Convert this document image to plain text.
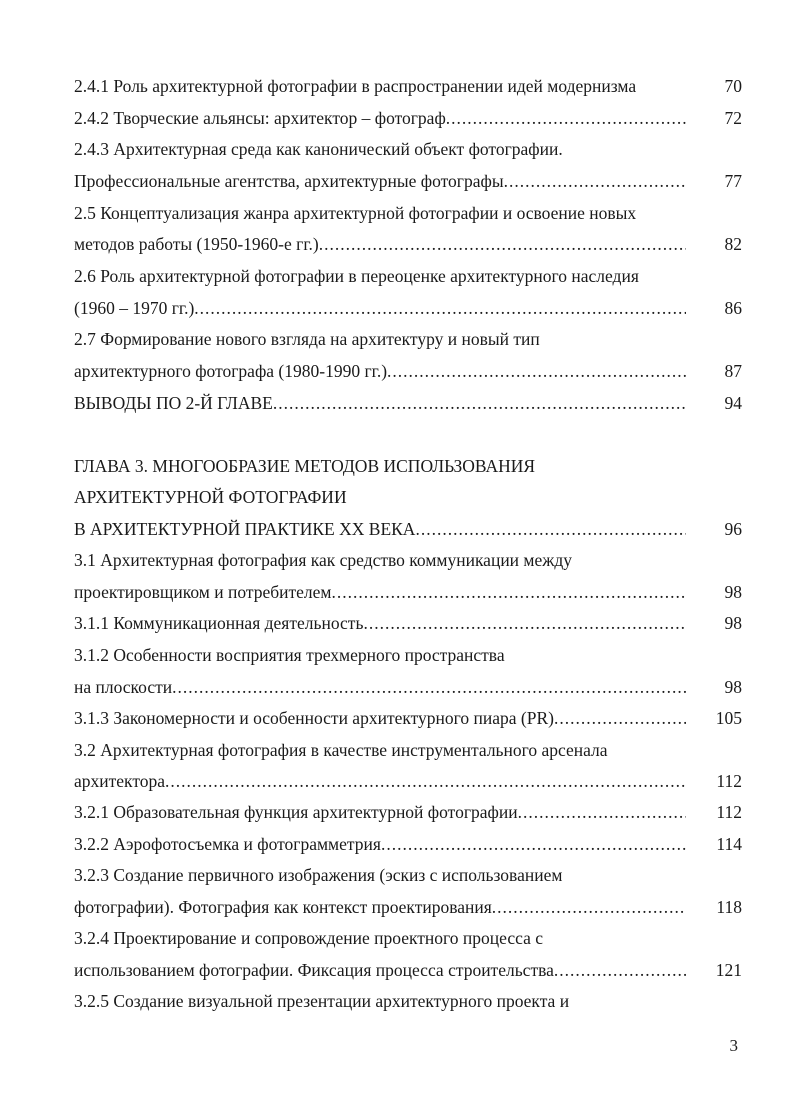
2.4.1 Роль архитектурной фотографии в распространении идей модернизма	70
2.4.2 Творческие альянсы: архитектор – фотограф .....	72
2.4.3 Архитектурная среда как канонический объект фотографии.
Профессиональные агентства, архитектурные фотографы .....	77
2.5 Концептуализация жанра архитектурной фотографии и освоение новых
методов работы (1950-1960-е гг.) .....	82
2.6 Роль архитектурной фотографии в переоценке архитектурного наследия
(1960 – 1970 гг.) .....	86
2.7 Формирование нового взгляда на архитектуру и новый тип
архитектурного фотографа (1980-1990 гг.) .....	87
ВЫВОДЫ ПО 2-Й ГЛАВЕ .....	94
ГЛАВА 3. МНОГООБРАЗИЕ МЕТОДОВ ИСПОЛЬЗОВАНИЯ
АРХИТЕКТУРНОЙ ФОТОГРАФИИ
В АРХИТЕКТУРНОЙ ПРАКТИКЕ XX ВЕКА .....	96
3.1 Архитектурная фотография как средство коммуникации между
проектировщиком и потребителем .....	98
3.1.1 Коммуникационная деятельность .....	98
3.1.2 Особенности восприятия трехмерного пространства
на плоскости .....	98
3.1.3 Закономерности и особенности архитектурного пиара (PR) .....	105
3.2 Архитектурная фотография в качестве инструментального арсенала
архитектора .....	112
3.2.1 Образовательная функция архитектурной фотографии .....	112
3.2.2 Аэрофотосъемка и фотограмметрия .....	114
3.2.3 Создание первичного изображения (эскиз с использованием
фотографии). Фотография как контекст проектирования .....	118
3.2.4 Проектирование и сопровождение проектного процесса с
использованием фотографии. Фиксация процесса строительства .....	121
3.2.5 Создание визуальной презентации архитектурного проекта и
3
